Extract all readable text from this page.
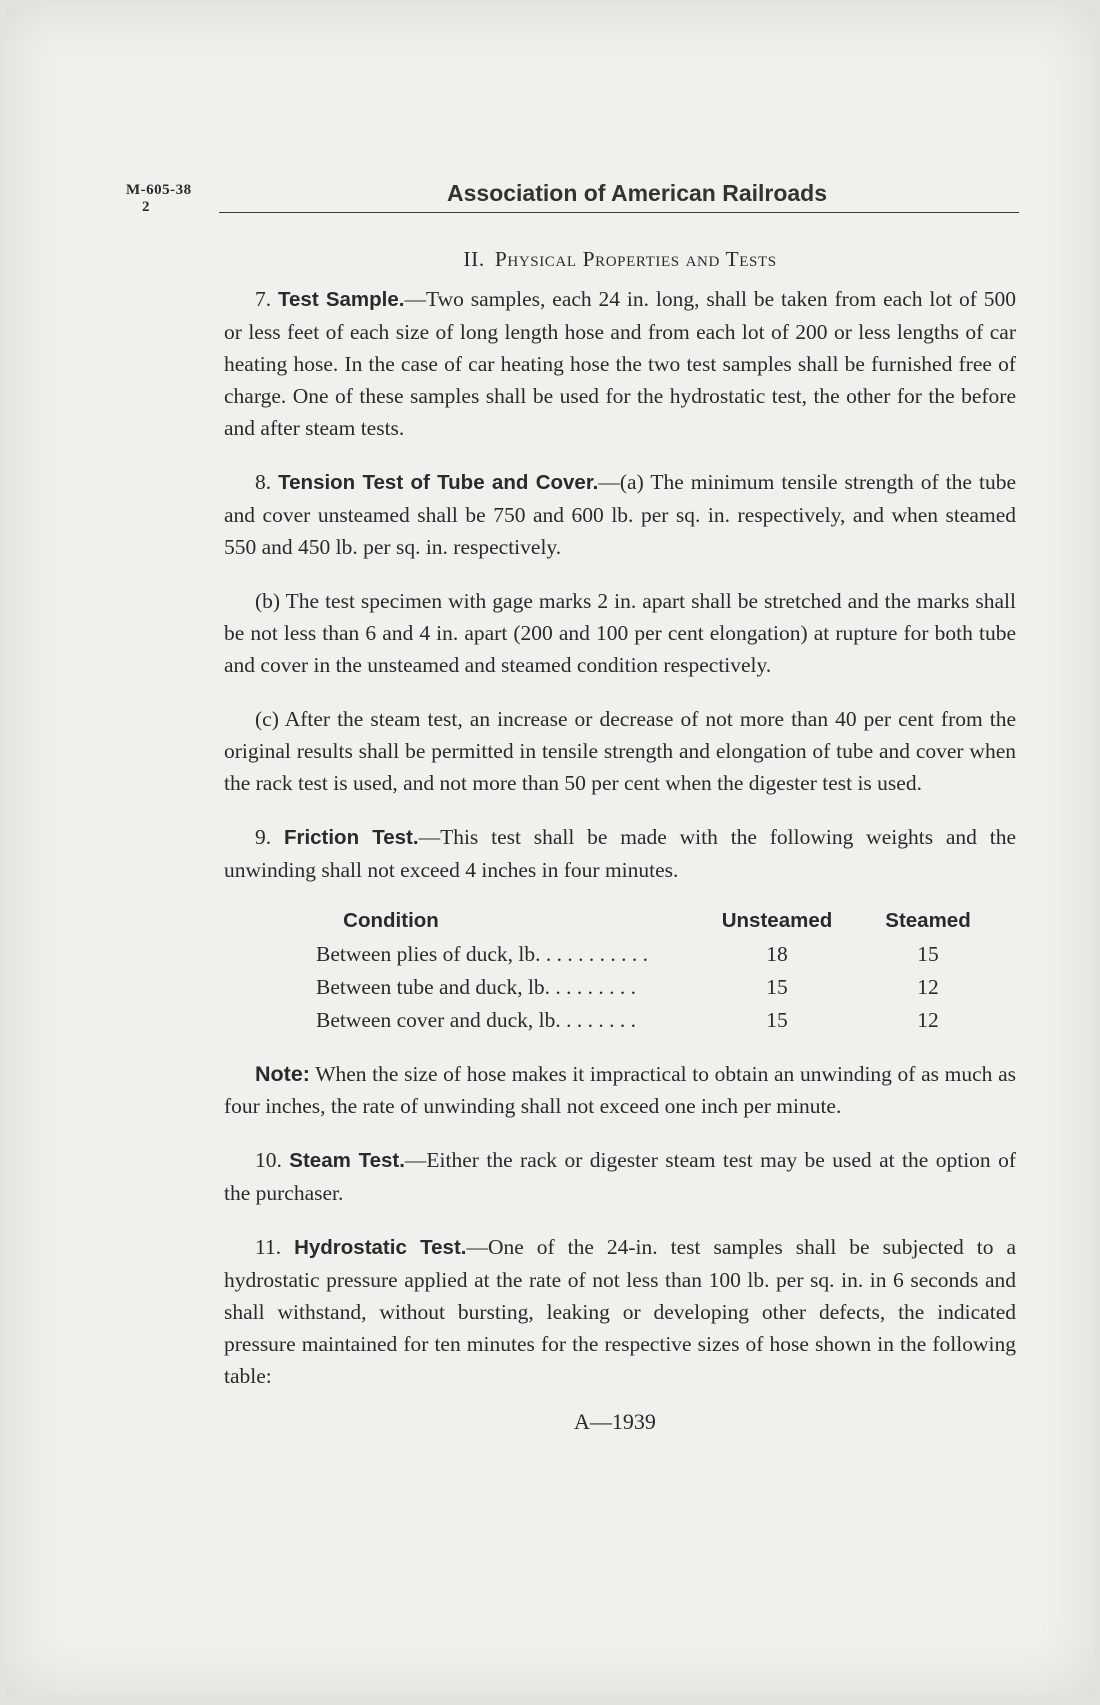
M-605-38
2
Association of American Railroads
II. Physical Properties and Tests

7. Test Sample.—Two samples, each 24 in. long, shall be taken from each lot of 500 or less feet of each size of long length hose and from each lot of 200 or less lengths of car heating hose. In the case of car heating hose the two test samples shall be furnished free of charge. One of these samples shall be used for the hydrostatic test, the other for the before and after steam tests.

8. Tension Test of Tube and Cover.—(a) The minimum tensile strength of the tube and cover unsteamed shall be 750 and 600 lb. per sq. in. respectively, and when steamed 550 and 450 lb. per sq. in. respectively.

(b) The test specimen with gage marks 2 in. apart shall be stretched and the marks shall be not less than 6 and 4 in. apart (200 and 100 per cent elongation) at rupture for both tube and cover in the unsteamed and steamed condition respectively.

(c) After the steam test, an increase or decrease of not more than 40 per cent from the original results shall be permitted in tensile strength and elongation of tube and cover when the rack test is used, and not more than 50 per cent when the digester test is used.

9. Friction Test.—This test shall be made with the following weights and the unwinding shall not exceed 4 inches in four minutes.

Condition	Unsteamed	Steamed
Between plies of duck, lb. . . . . . . . . . .	18	15
Between tube and duck, lb. . . . . . . . .	15	12
Between cover and duck, lb. . . . . . . .	15	12

Note: When the size of hose makes it impractical to obtain an unwinding of as much as four inches, the rate of unwinding shall not exceed one inch per minute.

10. Steam Test.—Either the rack or digester steam test may be used at the option of the purchaser.

11. Hydrostatic Test.—One of the 24-in. test samples shall be subjected to a hydrostatic pressure applied at the rate of not less than 100 lb. per sq. in. in 6 seconds and shall withstand, without bursting, leaking or developing other defects, the indicated pressure maintained for ten minutes for the respective sizes of hose shown in the following table:

A—1939
